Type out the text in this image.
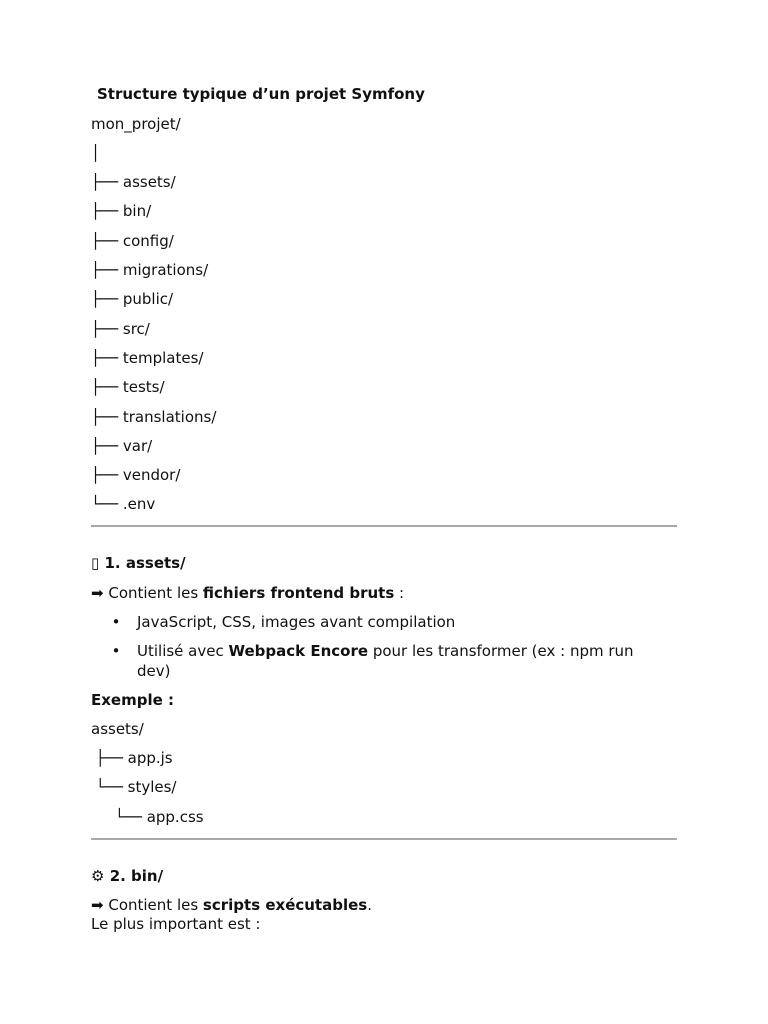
Structure typique d’un projet Symfony
mon_projet/
│
├── assets/
├── bin/
├── config/
├── migrations/
├── public/
├── src/
├── templates/
├── tests/
├── translations/
├── var/
├── vendor/
└── .env
▯ 1. assets/
➡ Contient les fichiers frontend bruts :
• JavaScript, CSS, images avant compilation
• Utilisé avec Webpack Encore pour les transformer (ex : npm run dev)
Exemple :
assets/
├── app.js
└── styles/
└── app.css
⚙ 2. bin/
➡ Contient les scripts exécutables.
Le plus important est :
